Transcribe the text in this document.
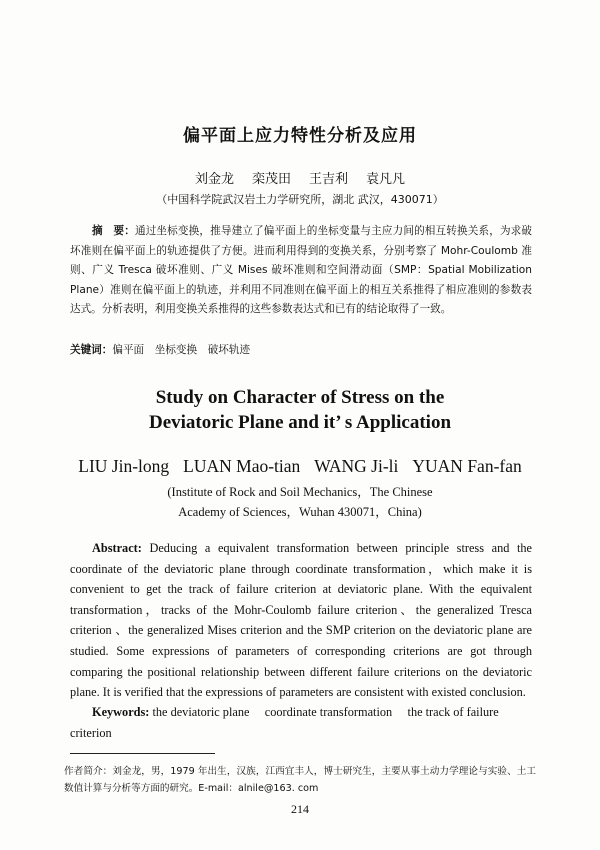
偏平面上应力特性分析及应用
刘金龙 栾茂田 王吉利 袁凡凡
（中国科学院武汉岩土力学研究所，湖北 武汉，430071）
摘　要：通过坐标变换，推导建立了偏平面上的坐标变量与主应力间的相互转换关系，为求破坏准则在偏平面上的轨迹提供了方便。进而利用得到的变换关系，分别考察了 Mohr-Coulomb 准则、广义 Tresca 破坏准则、广义 Mises 破坏准则和空间滑动面（SMP：Spatial Mobilization Plane）准则在偏平面上的轨迹，并利用不同准则在偏平面上的相互关系推得了相应准则的参数表达式。分析表明，利用变换关系推得的这些参数表达式和已有的结论取得了一致。
关键词：偏平面　坐标变换　破坏轨迹
Study on Character of Stress on the
Deviatoric Plane and it’ s Application
LIU Jin-long LUAN Mao-tian WANG Ji-li YUAN Fan-fan
(Institute of Rock and Soil Mechanics，The Chinese
Academy of Sciences，Wuhan 430071，China)
Abstract: Deducing a equivalent transformation between principle stress and the coordinate of the deviatoric plane through coordinate transformation，which make it is convenient to get the track of failure criterion at deviatoric plane. With the equivalent transformation，tracks of the Mohr-Coulomb failure criterion、the generalized Tresca criterion 、the generalized Mises criterion and the SMP criterion on the deviatoric plane are studied. Some expressions of parameters of corresponding criterions are got through comparing the positional relationship between different failure criterions on the deviatoric plane. It is verified that the expressions of parameters are consistent with existed conclusion.
Keywords: the deviatoric plane　 coordinate transformation　 the track of failure criterion
作者简介：刘金龙，男，1979 年出生，汉族，江西宜丰人，博士研究生，主要从事土动力学理论与实验、土工数值计算与分析等方面的研究。E-mail：alnile@163. com
214
